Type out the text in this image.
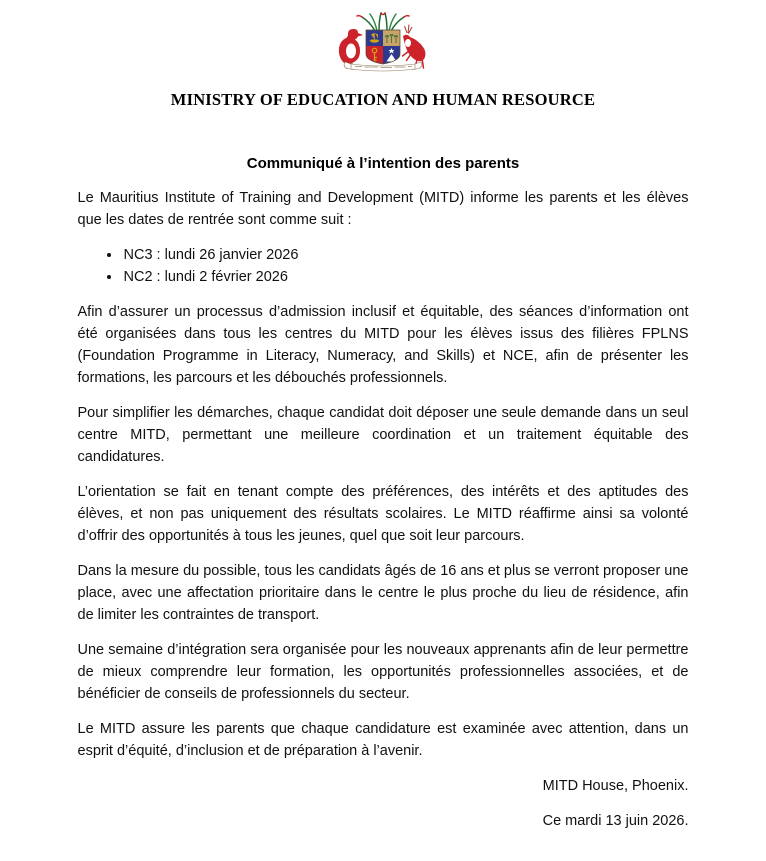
MINISTRY OF EDUCATION AND HUMAN RESOURCE
Communiqué à l’intention des parents

Le Mauritius Institute of Training and Development (MITD) informe les parents et les élèves que les dates de rentrée sont comme suit :

• NC3 : lundi 26 janvier 2026
• NC2 : lundi 2 février 2026

Afin d’assurer un processus d’admission inclusif et équitable, des séances d’information ont été organisées dans tous les centres du MITD pour les élèves issus des filières FPLNS (Foundation Programme in Literacy, Numeracy, and Skills) et NCE, afin de présenter les formations, les parcours et les débouchés professionnels.

Pour simplifier les démarches, chaque candidat doit déposer une seule demande dans un seul centre MITD, permettant une meilleure coordination et un traitement équitable des candidatures.

L’orientation se fait en tenant compte des préférences, des intérêts et des aptitudes des élèves, et non pas uniquement des résultats scolaires. Le MITD réaffirme ainsi sa volonté d’offrir des opportunités à tous les jeunes, quel que soit leur parcours.

Dans la mesure du possible, tous les candidats âgés de 16 ans et plus se verront proposer une place, avec une affectation prioritaire dans le centre le plus proche du lieu de résidence, afin de limiter les contraintes de transport.

Une semaine d’intégration sera organisée pour les nouveaux apprenants afin de leur permettre de mieux comprendre leur formation, les opportunités professionnelles associées, et de bénéficier de conseils de professionnels du secteur.

Le MITD assure les parents que chaque candidature est examinée avec attention, dans un esprit d’équité, d’inclusion et de préparation à l’avenir.

MITD House, Phoenix.

Ce mardi 13 juin 2026.
